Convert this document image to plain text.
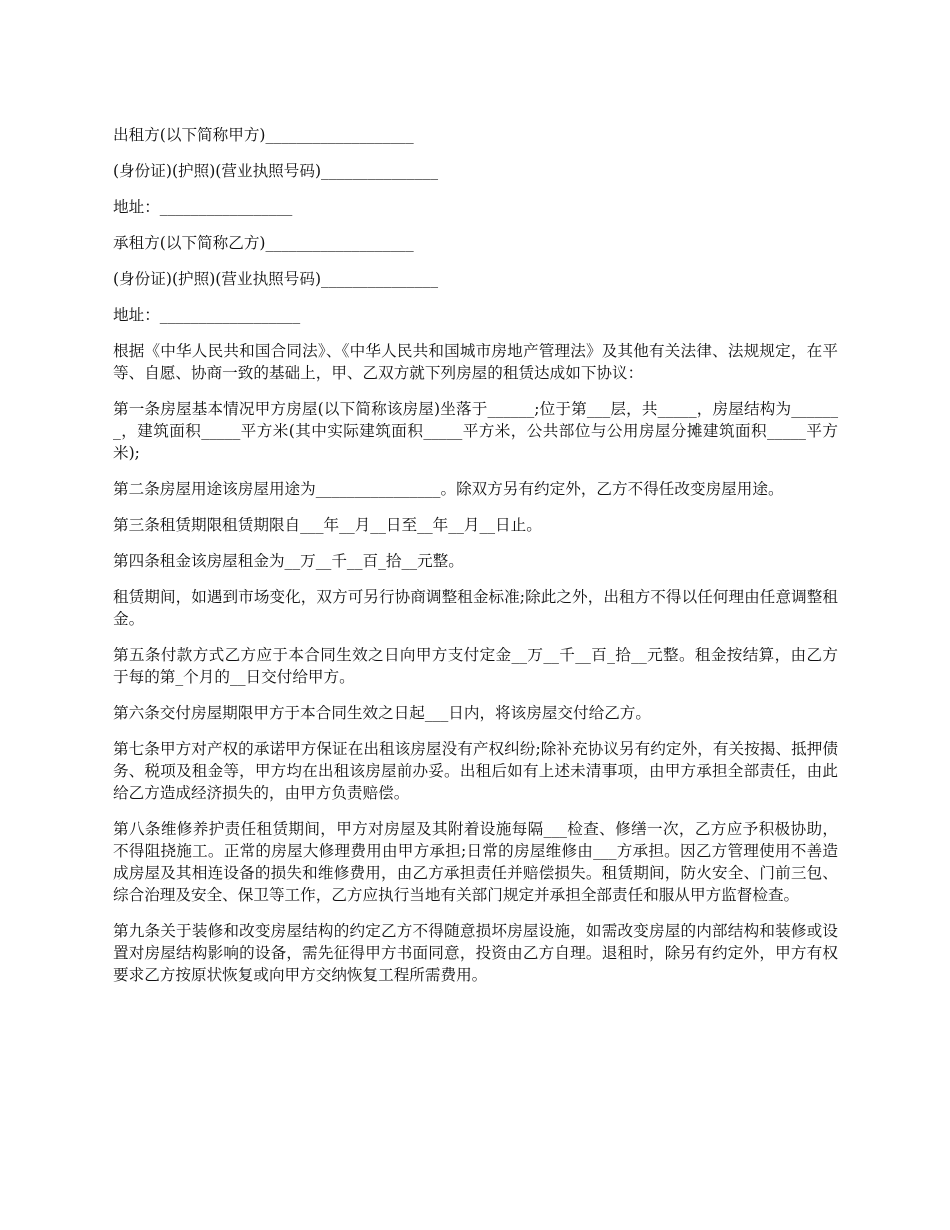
出租方(以下简称甲方)___________________

(身份证)(护照)(营业执照号码)_______________

地址：_________________

承租方(以下简称乙方)___________________

(身份证)(护照)(营业执照号码)_______________

地址：__________________

根据《中华人民共和国合同法》、《中华人民共和国城市房地产管理法》及其他有关法律、法规规定，在平等、自愿、协商一致的基础上，甲、乙双方就下列房屋的租赁达成如下协议：

第一条房屋基本情况甲方房屋(以下简称该房屋)坐落于______;位于第___层，共_____，房屋结构为_______，建筑面积_____平方米(其中实际建筑面积_____平方米，公共部位与公用房屋分摊建筑面积_____平方米);

第二条房屋用途该房屋用途为________________。除双方另有约定外，乙方不得任改变房屋用途。

第三条租赁期限租赁期限自___年__月__日至__年__月__日止。

第四条租金该房屋租金为__万__千__百_拾__元整。

租赁期间，如遇到市场变化，双方可另行协商调整租金标准;除此之外，出租方不得以任何理由任意调整租金。

第五条付款方式乙方应于本合同生效之日向甲方支付定金__万__千__百_拾__元整。租金按结算，由乙方于每的第_个月的__日交付给甲方。

第六条交付房屋期限甲方于本合同生效之日起___日内，将该房屋交付给乙方。

第七条甲方对产权的承诺甲方保证在出租该房屋没有产权纠纷;除补充协议另有约定外，有关按揭、抵押债务、税项及租金等，甲方均在出租该房屋前办妥。出租后如有上述未清事项，由甲方承担全部责任，由此给乙方造成经济损失的，由甲方负责赔偿。

第八条维修养护责任租赁期间，甲方对房屋及其附着设施每隔___检查、修缮一次，乙方应予积极协助，不得阻挠施工。正常的房屋大修理费用由甲方承担;日常的房屋维修由___方承担。因乙方管理使用不善造成房屋及其相连设备的损失和维修费用，由乙方承担责任并赔偿损失。租赁期间，防火安全、门前三包、综合治理及安全、保卫等工作，乙方应执行当地有关部门规定并承担全部责任和服从甲方监督检查。

第九条关于装修和改变房屋结构的约定乙方不得随意损坏房屋设施，如需改变房屋的内部结构和装修或设置对房屋结构影响的设备，需先征得甲方书面同意，投资由乙方自理。退租时，除另有约定外，甲方有权要求乙方按原状恢复或向甲方交纳恢复工程所需费用。
